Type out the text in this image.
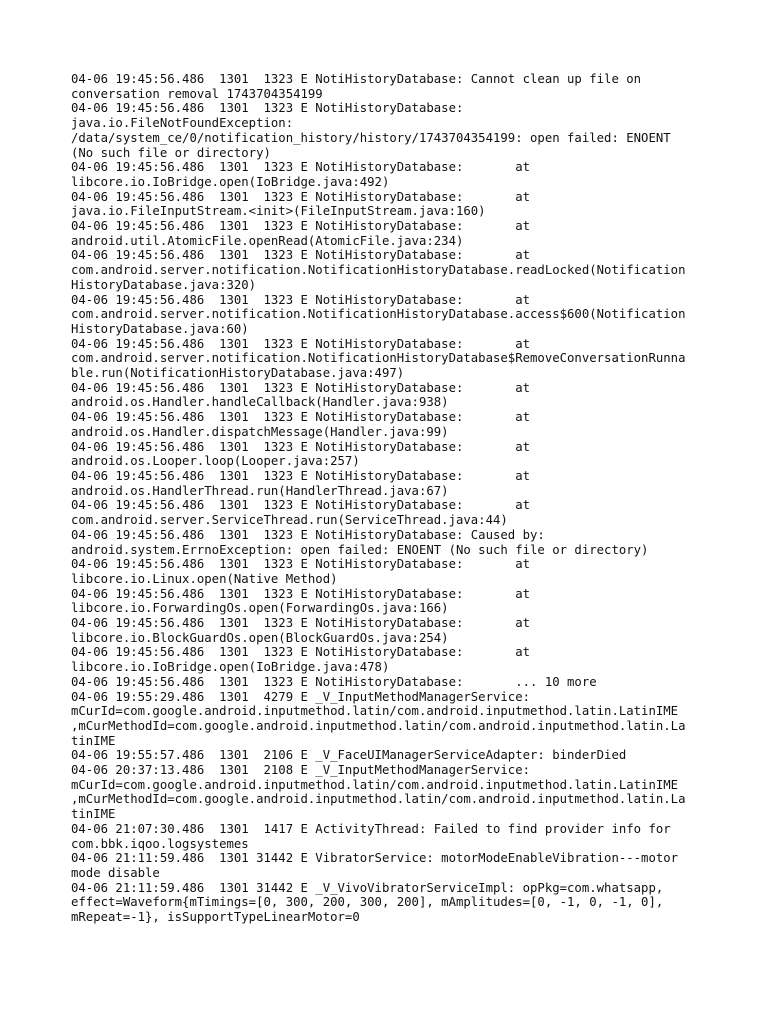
04-06 19:45:56.486  1301  1323 E NotiHistoryDatabase: Cannot clean up file on
conversation removal 1743704354199
04-06 19:45:56.486  1301  1323 E NotiHistoryDatabase:
java.io.FileNotFoundException:
/data/system_ce/0/notification_history/history/1743704354199: open failed: ENOENT
(No such file or directory)
04-06 19:45:56.486  1301  1323 E NotiHistoryDatabase:       at
libcore.io.IoBridge.open(IoBridge.java:492)
04-06 19:45:56.486  1301  1323 E NotiHistoryDatabase:       at
java.io.FileInputStream.<init>(FileInputStream.java:160)
04-06 19:45:56.486  1301  1323 E NotiHistoryDatabase:       at
android.util.AtomicFile.openRead(AtomicFile.java:234)
04-06 19:45:56.486  1301  1323 E NotiHistoryDatabase:       at
com.android.server.notification.NotificationHistoryDatabase.readLocked(Notification
HistoryDatabase.java:320)
04-06 19:45:56.486  1301  1323 E NotiHistoryDatabase:       at
com.android.server.notification.NotificationHistoryDatabase.access$600(Notification
HistoryDatabase.java:60)
04-06 19:45:56.486  1301  1323 E NotiHistoryDatabase:       at
com.android.server.notification.NotificationHistoryDatabase$RemoveConversationRunna
ble.run(NotificationHistoryDatabase.java:497)
04-06 19:45:56.486  1301  1323 E NotiHistoryDatabase:       at
android.os.Handler.handleCallback(Handler.java:938)
04-06 19:45:56.486  1301  1323 E NotiHistoryDatabase:       at
android.os.Handler.dispatchMessage(Handler.java:99)
04-06 19:45:56.486  1301  1323 E NotiHistoryDatabase:       at
android.os.Looper.loop(Looper.java:257)
04-06 19:45:56.486  1301  1323 E NotiHistoryDatabase:       at
android.os.HandlerThread.run(HandlerThread.java:67)
04-06 19:45:56.486  1301  1323 E NotiHistoryDatabase:       at
com.android.server.ServiceThread.run(ServiceThread.java:44)
04-06 19:45:56.486  1301  1323 E NotiHistoryDatabase: Caused by:
android.system.ErrnoException: open failed: ENOENT (No such file or directory)
04-06 19:45:56.486  1301  1323 E NotiHistoryDatabase:       at
libcore.io.Linux.open(Native Method)
04-06 19:45:56.486  1301  1323 E NotiHistoryDatabase:       at
libcore.io.ForwardingOs.open(ForwardingOs.java:166)
04-06 19:45:56.486  1301  1323 E NotiHistoryDatabase:       at
libcore.io.BlockGuardOs.open(BlockGuardOs.java:254)
04-06 19:45:56.486  1301  1323 E NotiHistoryDatabase:       at
libcore.io.IoBridge.open(IoBridge.java:478)
04-06 19:45:56.486  1301  1323 E NotiHistoryDatabase:       ... 10 more
04-06 19:55:29.486  1301  4279 E _V_InputMethodManagerService:
mCurId=com.google.android.inputmethod.latin/com.android.inputmethod.latin.LatinIME
,mCurMethodId=com.google.android.inputmethod.latin/com.android.inputmethod.latin.La
tinIME
04-06 19:55:57.486  1301  2106 E _V_FaceUIManagerServiceAdapter: binderDied
04-06 20:37:13.486  1301  2108 E _V_InputMethodManagerService:
mCurId=com.google.android.inputmethod.latin/com.android.inputmethod.latin.LatinIME
,mCurMethodId=com.google.android.inputmethod.latin/com.android.inputmethod.latin.La
tinIME
04-06 21:07:30.486  1301  1417 E ActivityThread: Failed to find provider info for
com.bbk.iqoo.logsystemes
04-06 21:11:59.486  1301 31442 E VibratorService: motorModeEnableVibration---motor
mode disable
04-06 21:11:59.486  1301 31442 E _V_VivoVibratorServiceImpl: opPkg=com.whatsapp,
effect=Waveform{mTimings=[0, 300, 200, 300, 200], mAmplitudes=[0, -1, 0, -1, 0],
mRepeat=-1}, isSupportTypeLinearMotor=0
